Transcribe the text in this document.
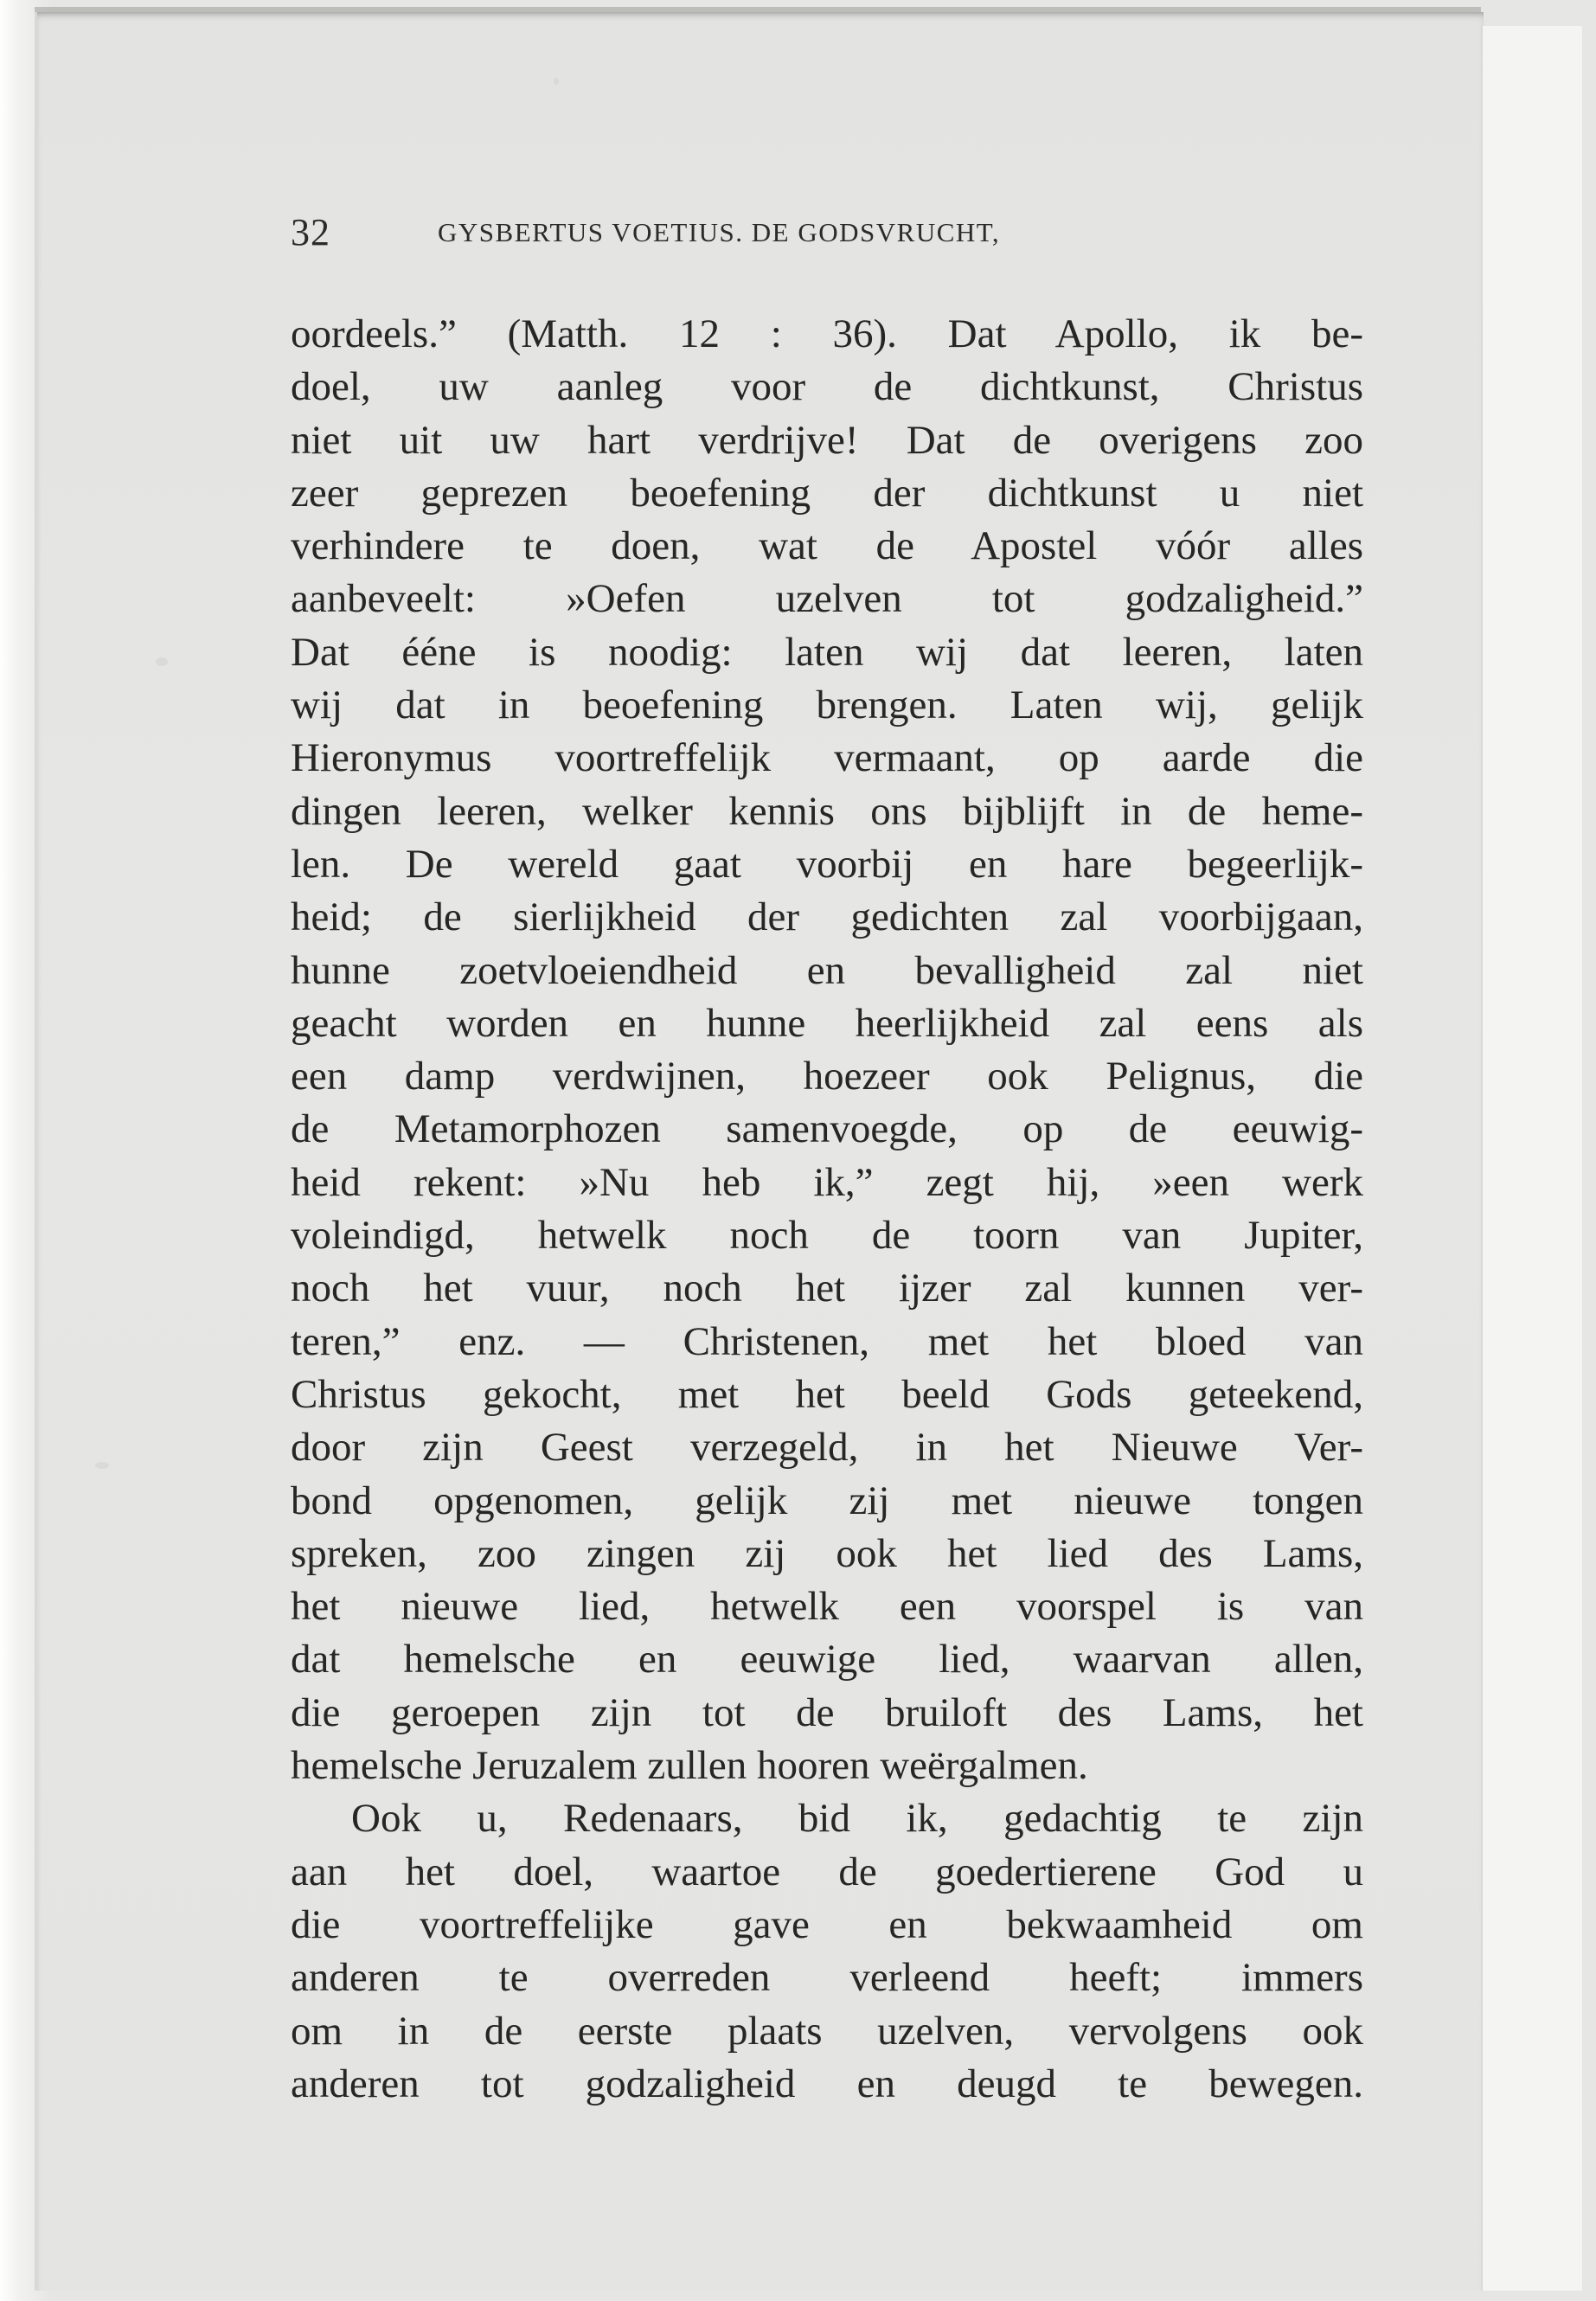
32	GYSBERTUS VOETIUS. DE GODSVRUCHT,
oordeels.” (Matth. 12 : 36). Dat Apollo, ik be-
doel, uw aanleg voor de dichtkunst, Christus
niet uit uw hart verdrijve! Dat de overigens zoo
zeer geprezen beoefening der dichtkunst u niet
verhindere te doen, wat de Apostel vóór alles
aanbeveelt: »Oefen uzelven tot godzaligheid.”
Dat ééne is noodig: laten wij dat leeren, laten
wij dat in beoefening brengen. Laten wij, gelijk
Hieronymus voortreffelijk vermaant, op aarde die
dingen leeren, welker kennis ons bijblijft in de heme-
len. De wereld gaat voorbij en hare begeerlijk-
heid; de sierlijkheid der gedichten zal voorbijgaan,
hunne zoetvloeiendheid en bevalligheid zal niet
geacht worden en hunne heerlijkheid zal eens als
een damp verdwijnen, hoezeer ook Pelignus, die
de Metamorphozen samenvoegde, op de eeuwig-
heid rekent: »Nu heb ik,” zegt hij, »een werk
voleindigd, hetwelk noch de toorn van Jupiter,
noch het vuur, noch het ijzer zal kunnen ver-
teren,” enz. — Christenen, met het bloed van
Christus gekocht, met het beeld Gods geteekend,
door zijn Geest verzegeld, in het Nieuwe Ver-
bond opgenomen, gelijk zij met nieuwe tongen
spreken, zoo zingen zij ook het lied des Lams,
het nieuwe lied, hetwelk een voorspel is van
dat hemelsche en eeuwige lied, waarvan allen,
die geroepen zijn tot de bruiloft des Lams, het
hemelsche Jeruzalem zullen hooren weërgalmen.
Ook u, Redenaars, bid ik, gedachtig te zijn
aan het doel, waartoe de goedertierene God u
die voortreffelijke gave en bekwaamheid om
anderen te overreden verleend heeft; immers
om in de eerste plaats uzelven, vervolgens ook
anderen tot godzaligheid en deugd te bewegen.
